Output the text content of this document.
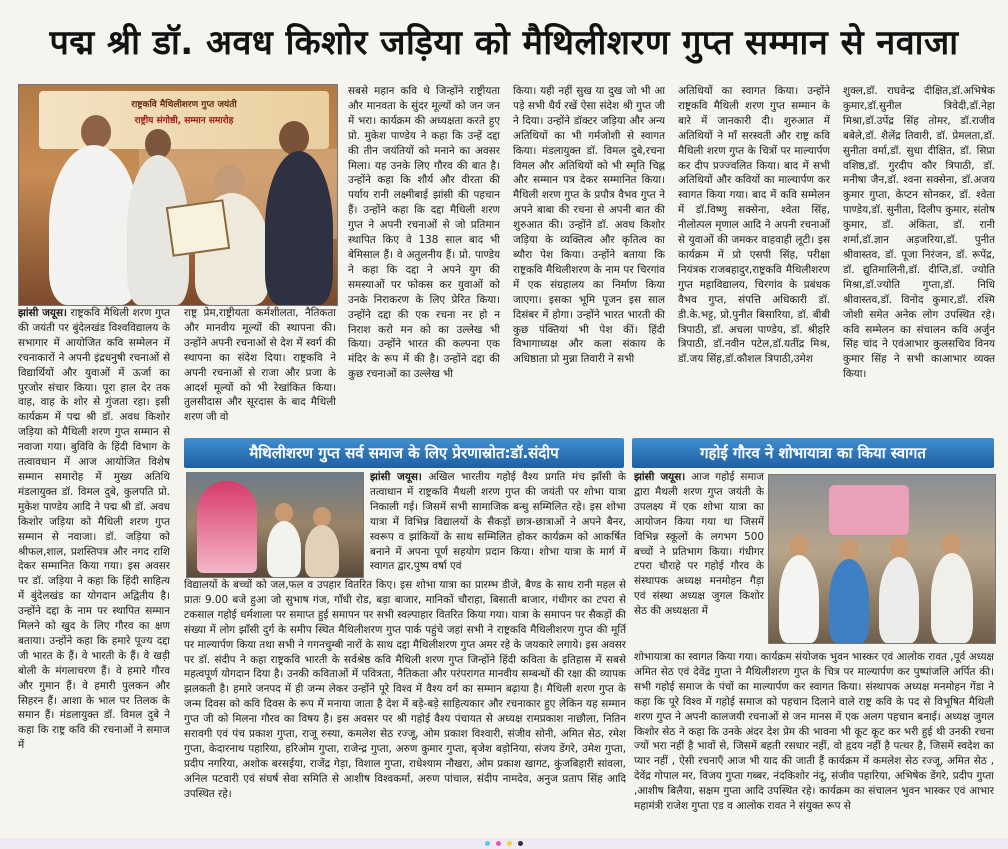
पद्म श्री डॉ. अवध किशोर जड़िया को मैथिलीशरण गुप्त सम्मान से नवाजा
राष्ट्रकवि मैथिलीशरण गुप्त जयंती
राष्ट्रीय संगोष्ठी, सम्मान समारोह

झांसी जयूस। राष्ट्रकवि मैथिली शरण गुप्त की जयंती पर बुंदेलखंड विश्वविद्यालय के सभागार में आयोजित कवि सम्मेलन में रचनाकारों ने अपनी इंद्रधनुषी रचनाओं से विद्यार्थियों और युवाओं में ऊर्जा का पुरजोर संचार किया। पूरा हाल देर तक वाह, वाह के शोर से गुंजता रहा। इसी कार्यक्रम में पद्म श्री डॉ. अवध किशोर जड़िया को मैथिली शरण गुप्त सम्मान से नवाजा गया। बुविवि के हिंदी विभाग के तत्वावधान में आज आयोजित विशेष सम्मान समारोह में मुख्य अतिथि मंडलायुक्त डॉ. विमल दुबे, कुलपति प्रो. मुकेश पाण्डेय आदि ने पद्म श्री डॉ. अवध किशोर जड़िया को मैथिली शरण गुप्त सम्मान से नवाजा। डॉ. जड़िया को श्रीफल,शाल, प्रशस्तिपत्र और नगद राशि देकर सम्मानित किया गया। इस अवसर पर डॉ. जड़िया ने कहा कि हिंदी साहित्य में बुंदेलखंड का योगदान अद्वितीय है। उन्होंने दद्दा के नाम पर स्थापित सम्मान मिलने को खुद के लिए गौरव का क्षण बताया। उन्होंने कहा कि हमारे पूज्य दद्दा जी भारत के हैं। वे भारती के हैं। वे खड़ी बोली के मंगलाचरण हैं। वे हमारे गौरव और गुमान हैं। वे हमारी पुलकन और सिहरन हैं। आशा के भाल पर तिलक के समान हैं। मंडलायुक्त डॉ. विमल दुबे ने कहा कि राष्ट्र कवि की रचनाओं ने समाज में

राष्ट्र प्रेम,राष्ट्रीयता कर्मशीलता, नैतिकता और मानवीय मूल्यों की स्थापना की। उन्होंने अपनी रचनाओं से देश में स्वर्ग की स्थापना का संदेश दिया। राष्ट्रकवि ने अपनी रचनाओं से राजा और प्रजा के आदर्श मूल्यों को भी रेखांकित किया। तुलसीदास और सूरदास के बाद मैथिली शरण जी वो

सबसे महान कवि थे जिन्होंने राष्ट्रीयता और मानवता के सुंदर मूल्यों को जन जन में भरा। कार्यक्रम की अध्यक्षता करते हुए प्रो. मुकेश पाण्डेय ने कहा कि उन्हें दद्दा की तीन जयंतियों को मनाने का अवसर मिला। यह उनके लिए गौरव की बात है। उन्होंने कहा कि शौर्य और वीरता की पर्याय रानी लक्ष्मीबाई झांसी की पहचान हैं। उन्होंने कहा कि दद्दा मैथिली शरण गुप्त ने अपनी रचनाओं से जो प्रतिमान स्थापित किए वे 138 साल बाद भी बेमिसाल हैं। वे अतुलनीय हैं। प्रो. पाण्डेय ने कहा कि दद्दा ने अपने युग की समस्याओं पर फोकस कर युवाओं को उनके निराकरण के लिए प्रेरित किया। उन्होंने दद्दा की एक रचना नर हो न निराश करो मन को का उल्लेख भी किया। उन्होंने भारत की कल्पना एक मंदिर के रूप में की है। उन्होंने दद्दा की कुछ रचनाओं का उल्लेख भी

किया। यही नहीं सुख या दुख जो भी आ पड़े सभी धैर्य रखें ऐसा संदेश श्री गुप्त जी ने दिया। उन्होंने डॉक्टर जड़िया और अन्य अतिथियों का भी गर्मजोशी से स्वागत किया। मंडलायुक्त डॉ. विमल दुबे,रचना विमल और अतिथियों को भी स्मृति चिह्न और सम्मान पत्र देकर सम्मानित किया। मैथिली शरण गुप्त के प्रपौत्र वैभव गुप्त ने अपने बाबा की रचना से अपनी बात की शुरुआत की। उन्होंने डॉ. अवध किशोर जड़िया के व्यक्तित्व और कृतित्व का ब्यौरा पेश किया। उन्होंने बताया कि राष्ट्रकवि मैथिलीशरण के नाम पर चिरगांव में एक संग्रहालय का निर्माण किया जाएगा। इसका भूमि पूजन इस साल दिसंबर में होगा। उन्होंने भारत भारती की कुछ पंक्तियां भी पेश कीं। हिंदी विभागाध्यक्ष और कला संकाय के अधिष्ठाता प्रो मुन्ना तिवारी ने सभी

अतिथियों का स्वागत किया। उन्होंने राष्ट्रकवि मैथिली शरण गुप्त सम्मान के बारे में जानकारी दी। शुरुआत में अतिथियों ने माँ सरस्वती और राष्ट्र कवि मैथिली शरण गुप्त के चित्रों पर माल्यार्पण कर दीप प्रज्ज्वलित किया। बाद में सभी अतिथियों और कवियों का माल्यार्पण कर स्वागत किया गया। बाद में कवि सम्मेलन में डॉ.विष्णु सक्सेना, श्वेता सिंह, नीलोत्पल मृणाल आदि ने अपनी रचनाओं से युवाओं की जमकर वाहवाही लूटी। इस कार्यक्रम में प्रो एसपी सिंह, परीक्षा नियंत्रक राजबहादुर,राष्ट्रकवि मैथिलीशरण गुप्त महाविद्यालय, चिरगांव के प्रबंधक वैभव गुप्त, संपत्ति अधिकारी डॉ. डी.के.भट्ट, प्रो.पुनीत बिसारिया, डॉ. बीबी त्रिपाठी, डॉ. अचला पाण्डेय, डॉ. श्रीहरि त्रिपाठी, डॉ.नवीन पटेल,डॉ.यतींद्र मिश्र, डॉ.जय सिंह,डॉ.कौशल त्रिपाठी,उमेश

शुक्ल,डॉ. राघवेन्द्र दीक्षित,डॉ.अभिषेक कुमार,डॉ.सुनील त्रिवेदी,डॉ.नेहा मिश्रा,डॉ.उपेंद्र सिंह तोमर, डॉ.राजीव बबेले,डॉ. शैलेंद्र तिवारी, डॉ. प्रेमलता,डॉ. सुनीता वर्मा,डॉ. सुधा दीक्षित, डॉ. सिप्रा वशिष्ठ,डॉ. गुरदीप कौर त्रिपाठी, डॉ. मनीषा जैन,डॉ. श्वना सक्सेना, डॉ.अजय कुमार गुप्ता, केप्टन सोनकर, डॉ. श्वेता पाण्डेय,डॉ. सुनीता, दिलीप कुमार, संतोष कुमार, डॉ. अंकिता, डॉ. रानी शर्मा,डॉ.ज्ञान अड़जरिया,डॉ. पुनीत श्रीवास्तव, डॉ. पूजा निरंजन, डॉ. रूपेंद्र, डॉ. द्युतिमालिनी,डॉ. दीप्ति,डॉ. ज्योति मिश्रा,डॉ.ज्योति गुप्ता,डॉ. निधि श्रीवास्तव,डॉ. विनोद कुमार,डॉ. रश्मि जोशी समेत अनेक लोग उपस्थित रहे। कवि सम्मेलन का संचालन कवि अर्जुन सिंह चांद ने एवंआभार कुलसचिव विनय कुमार सिंह ने सभी काआभार व्यक्त किया।

मैथिलीशरण गुप्त सर्व समाज के लिए प्रेरणास्रोत:डॉ.संदीप

झांसी जयूस। अखिल भारतीय गहोई वैश्य प्रगति मंच झाँसी के तत्वाधान में राष्ट्रकवि मैथली शरण गुप्त की जयंती पर शोभा यात्रा निकाली गई। जिसमें सभी सामाजिक बन्धु सम्मिलित रहे। इस शोभा यात्रा में विभिन्न विद्यालयों के सैकड़ों छात्र-छात्राओं ने अपने बैनर, स्वरूप व झांकियों के साथ सम्मिलित होकर कार्यक्रम को आकर्षित बनाने में अपना पूर्ण सहयोग प्रदान किया। शोभा यात्रा के मार्ग में स्वागत द्वार,पुष्प वर्षा एवं

विद्यालयों के बच्चों को जल,फल व उपहार वितरित किए। इस शोभा यात्रा का प्रारम्भ डीजे, बैण्ड के साथ रानी महल से प्रातः 9.00 बजे हुआ जो सुभाष गंज, गाँधी रोड, बड़ा बाजार, मानिकों चौराहा, बिसाती बाजार, गंधीगर का टपरा से टकसाल गहोई धर्मशाला पर समाप्त हुई समापन पर सभी स्वल्पाहार वितरित किया गया। यात्रा के समापन पर सैकड़ों की संख्या में लोग झाँसी दुर्ग के समीप स्थित मैथिलीशरण गुप्त पार्क पहुंचे जहां सभी ने राष्ट्रकवि मैथिलीशरण गुप्त की मूर्ति पर माल्यार्पण किया तथा सभी ने गगनचुम्बी नारों के साथ दद्दा मैथिलीशरण गुप्त अमर रहे के जयकारे लगाये। इस अवसर पर डॉ. संदीप ने कहा राष्ट्रकवि भारती के सर्वश्रेष्ठ कवि मैथिली शरण गुप्त जिन्होंने हिंदी कविता के इतिहास में सबसे महत्वपूर्ण योगदान दिया है। उनकी कविताओं में पवित्रता, नैतिकता और परंपरागत मानवीय सम्बन्धों की रक्षा की व्यापक झलकती है। हमारे जनपद में ही जन्म लेकर उन्होंने पूरे विश्व में वैश्य वर्ग का सम्मान बढ़ाया है। मैथिली शरण गुप्त के जन्म दिवस को कवि दिवस के रूप में मनाया जाता है देश में बड़े-बड़े साहित्यकार और रचनाकार हुए लेकिन यह सम्मान गुप्त जी को मिलना गौरव का विषय है। इस अवसर पर श्री गहोई वैश्य पंचायत से अध्यक्ष रामप्रकाश नाछौला, नितिन सरावगी एवं पंच प्रकाश गुप्ता, राजू रुस्या, कमलेश सेठ रज्जू, ओम प्रकाश विश्वारी, संजीव सोनी, अमित सेठ, रमेश गुप्ता, केदारनाथ पहारिया, हरिओम गुप्ता, राजेन्द्र गुप्ता, अरुण कुमार गुप्ता, बृजेश बड़ोनिया, संजय डेंगरे, उमेश गुप्ता, प्रदीप नगरिया, अशोक बरसईया, राजेंद्र गेड़ा, विशाल गुप्ता, राधेश्याम नौखरा, ओम प्रकाश खागट, कुंजबिहारी सांवला, अनिल पटवारी एवं संघर्ष सेवा समिति से आशीष विश्वकर्मा, अरुण पांचाल, संदीप नामदेव, अनुज प्रताप सिंह आदि उपस्थित रहे।

गहोई गौरव ने शोभायात्रा का किया स्वागत

झांसी जयूस। आज गहोई समाज द्वारा मैथली शरण गुप्त जयंती के उपलक्ष्य में एक शोभा यात्रा का आयोजन किया गया था जिसमें विभिन्न स्कूलों के लगभग 500 बच्चों ने प्रतिभाग किया। गंधीगर टपरा चौराहे पर गहोई गौरव के संस्थापक अध्यक्ष मनमोहन गैड़ा एवं संस्था अध्यक्ष जुगल किशोर सेठ की अध्यक्षता में

शोभायात्रा का स्वागत किया गया। कार्यक्रम संयोजक भुवन भास्कर एवं आलोक रावत ,पूर्व अध्यक्ष अमित सेठ एवं देवेंद्र गुप्ता ने मैथिलीशरण गुप्त के चित्र पर माल्यार्पण कर पुष्पांजलि अर्पित की। सभी गहोई समाज के पंचों का माल्यार्पण कर स्वागत किया। संस्थापक अध्यक्ष मनमोहन गेंडा ने कहा कि पूरे विश्व में गहोई समाज को पहचान दिलाने वाले राष्ट्र कवि के पद से विभूषित मैथिली शरण गुप्त ने अपनी कालजयी रचनाओं से जन मानस में एक अलग पहचान बनाई। अध्यक्ष जुगल किशोर सेठ ने कहा कि उनके अंदर देश प्रेम की भावना भी कूट कूट कर भरी हुई थी उनकी रचना ज्यों भरा नहीं है भावों से, जिसमें बहती रसधार नहीं, वो हृदय नहीं है पत्थर है, जिसमें स्वदेश का प्यार नहीं , ऐसी रचनाएँ आज भी याद की जाती हैं कार्यक्रम में कमलेश सेठ रज्जू, अमित सेठ , देवेंद्र गोपाल मर, विजय गुप्ता गब्बर, नंदकिशोर नंदू, संजीव पहारिया, अभिषेक डेंगरे, प्रदीप गुप्ता ,आशीष बिलैया, सक्षम गुप्ता आदि उपस्थित रहे। कार्यक्रम का संचालन भुवन भास्कर एवं आभार महामंत्री राजेश गुप्ता एड व आलोक रावत ने संयुक्त रूप से
